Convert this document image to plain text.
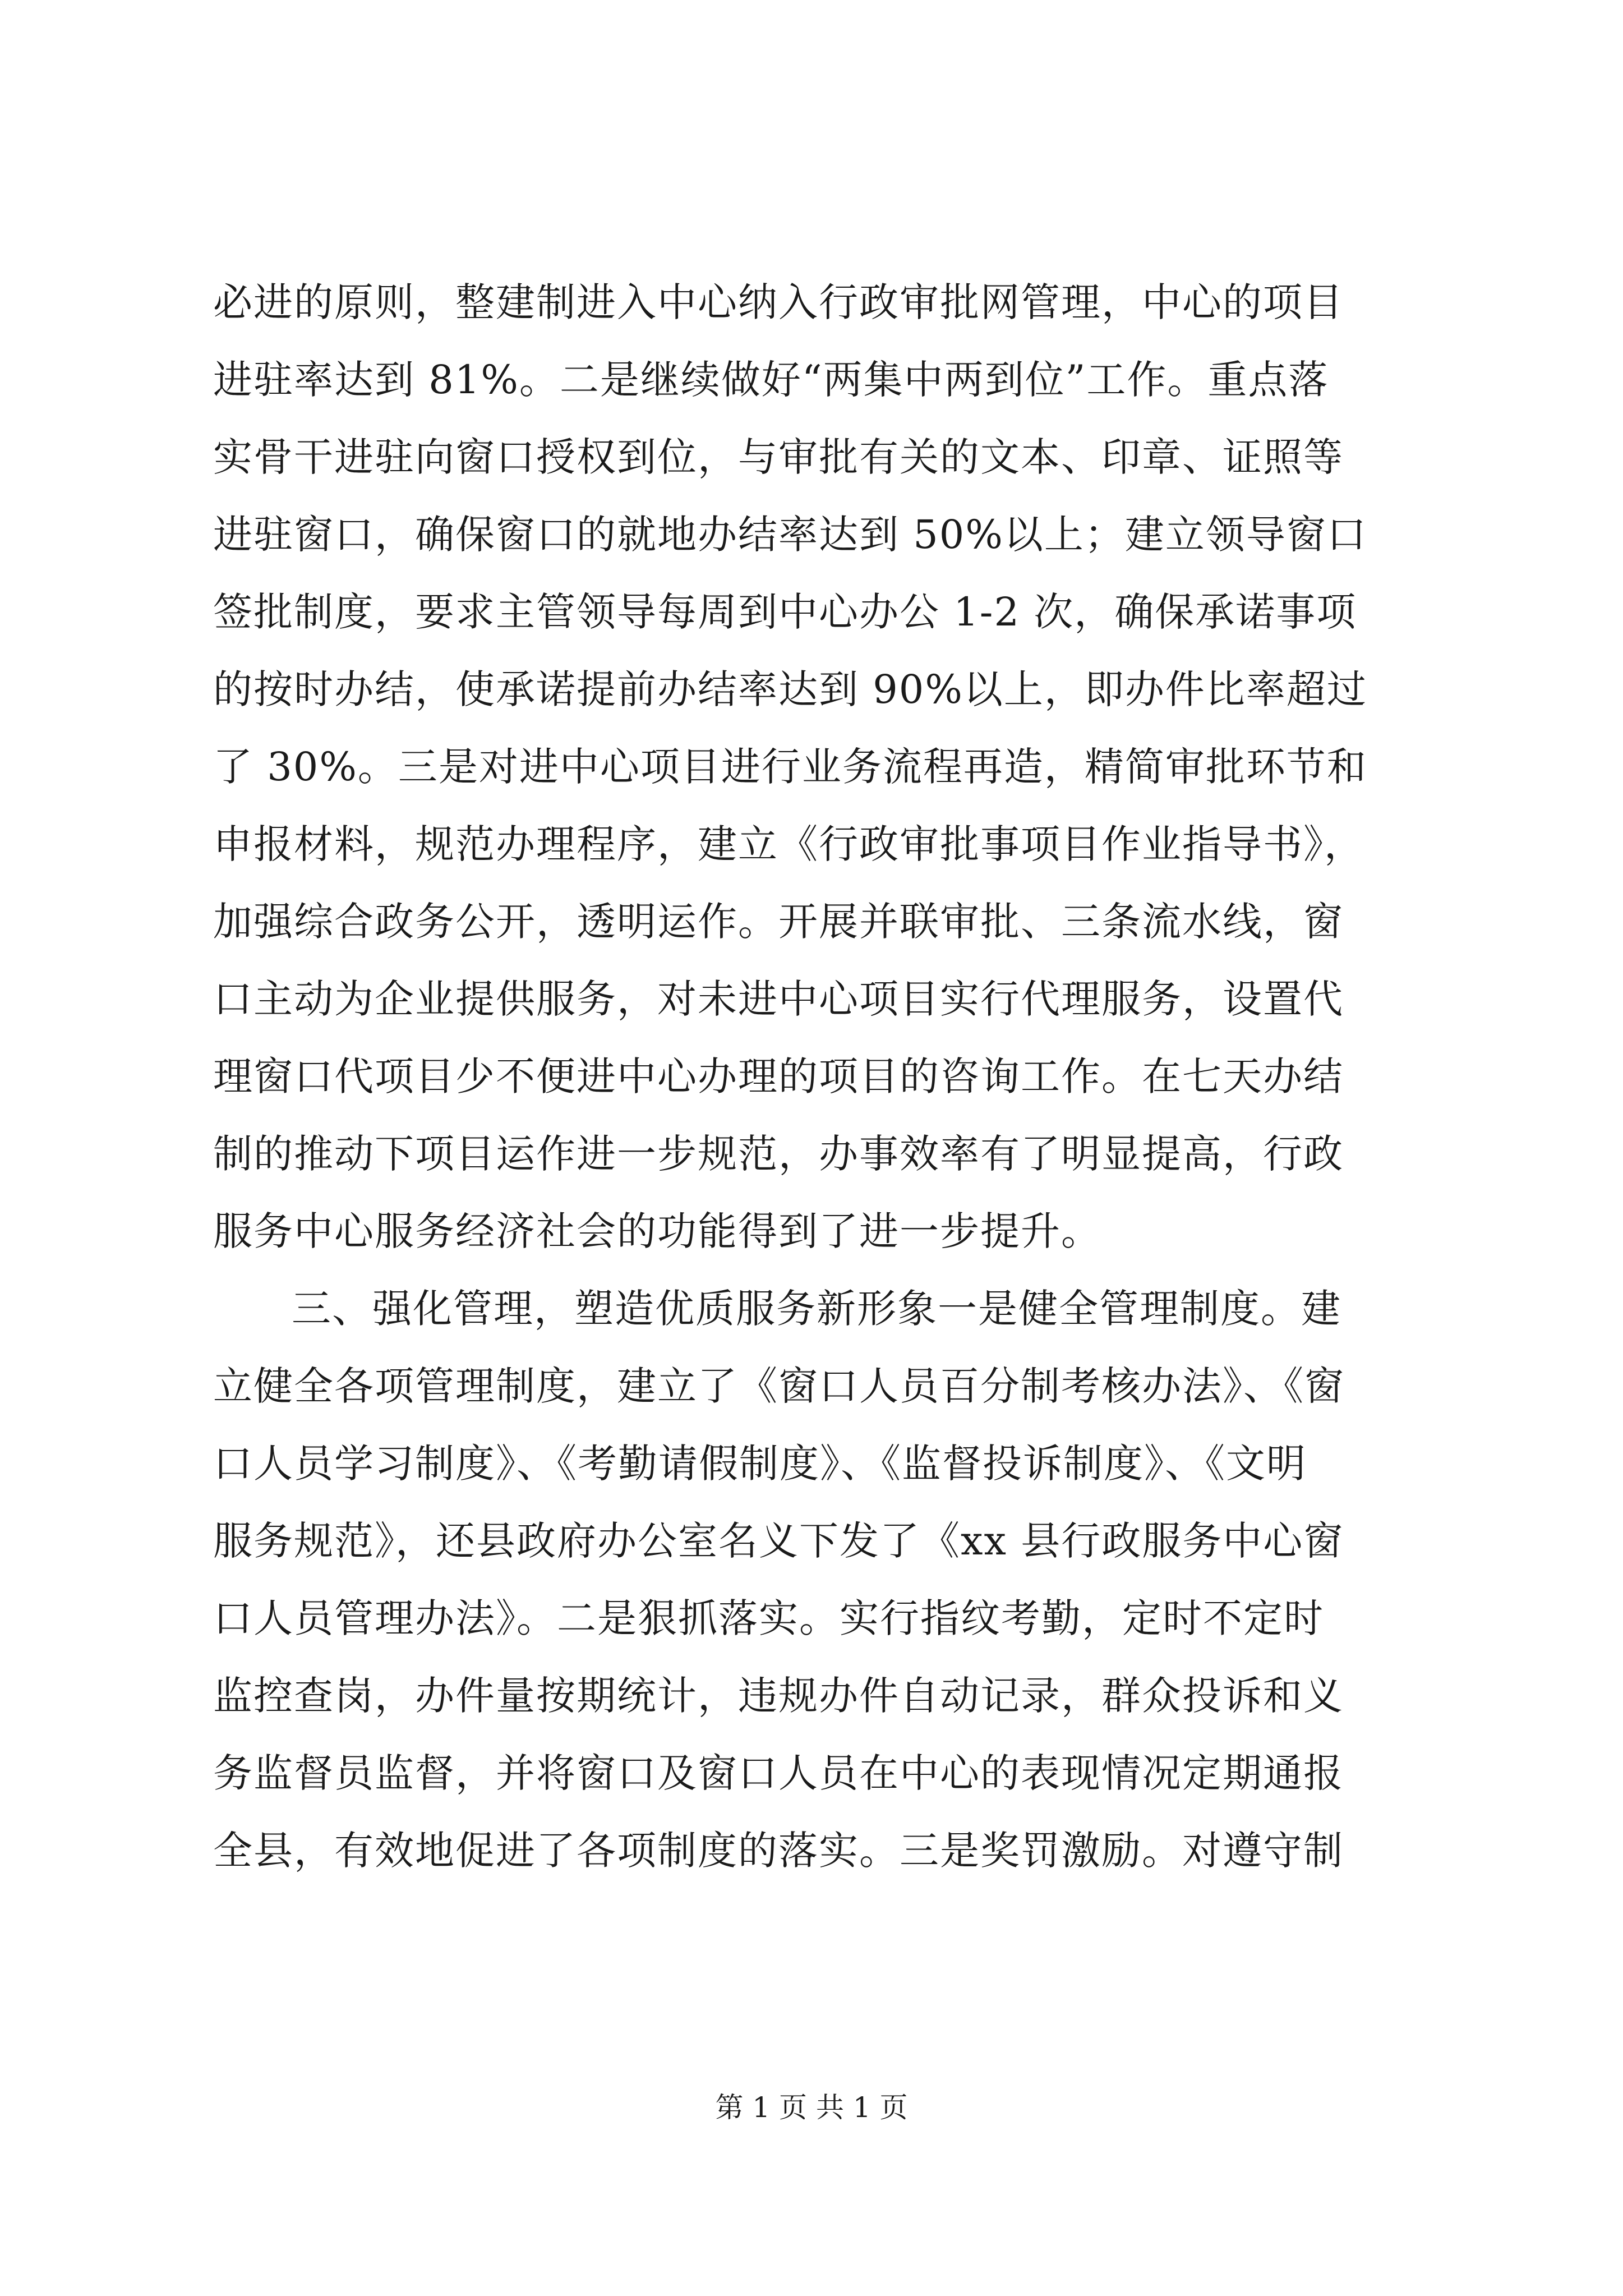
必进的原则，整建制进入中心纳入行政审批网管理，中心的项目
进驻率达到 81%。二是继续做好“两集中两到位”工作。重点落
实骨干进驻向窗口授权到位，与审批有关的文本、印章、证照等
进驻窗口，确保窗口的就地办结率达到 50%以上；建立领导窗口
签批制度，要求主管领导每周到中心办公 1-2 次，确保承诺事项
的按时办结，使承诺提前办结率达到 90%以上，即办件比率超过
了 30%。三是对进中心项目进行业务流程再造，精简审批环节和
申报材料，规范办理程序，建立《行政审批事项目作业指导书》，
加强综合政务公开，透明运作。开展并联审批、三条流水线，窗
口主动为企业提供服务，对未进中心项目实行代理服务，设置代
理窗口代项目少不便进中心办理的项目的咨询工作。在七天办结
制的推动下项目运作进一步规范，办事效率有了明显提高，行政
服务中心服务经济社会的功能得到了进一步提升。
三、强化管理，塑造优质服务新形象一是健全管理制度。建
立健全各项管理制度，建立了《窗口人员百分制考核办法》、《窗
口人员学习制度》、《考勤请假制度》、《监督投诉制度》、《文明
服务规范》，还县政府办公室名义下发了《xx 县行政服务中心窗
口人员管理办法》。二是狠抓落实。实行指纹考勤，定时不定时
监控查岗，办件量按期统计，违规办件自动记录，群众投诉和义
务监督员监督，并将窗口及窗口人员在中心的表现情况定期通报
全县，有效地促进了各项制度的落实。三是奖罚激励。对遵守制
第 1 页 共 1 页
